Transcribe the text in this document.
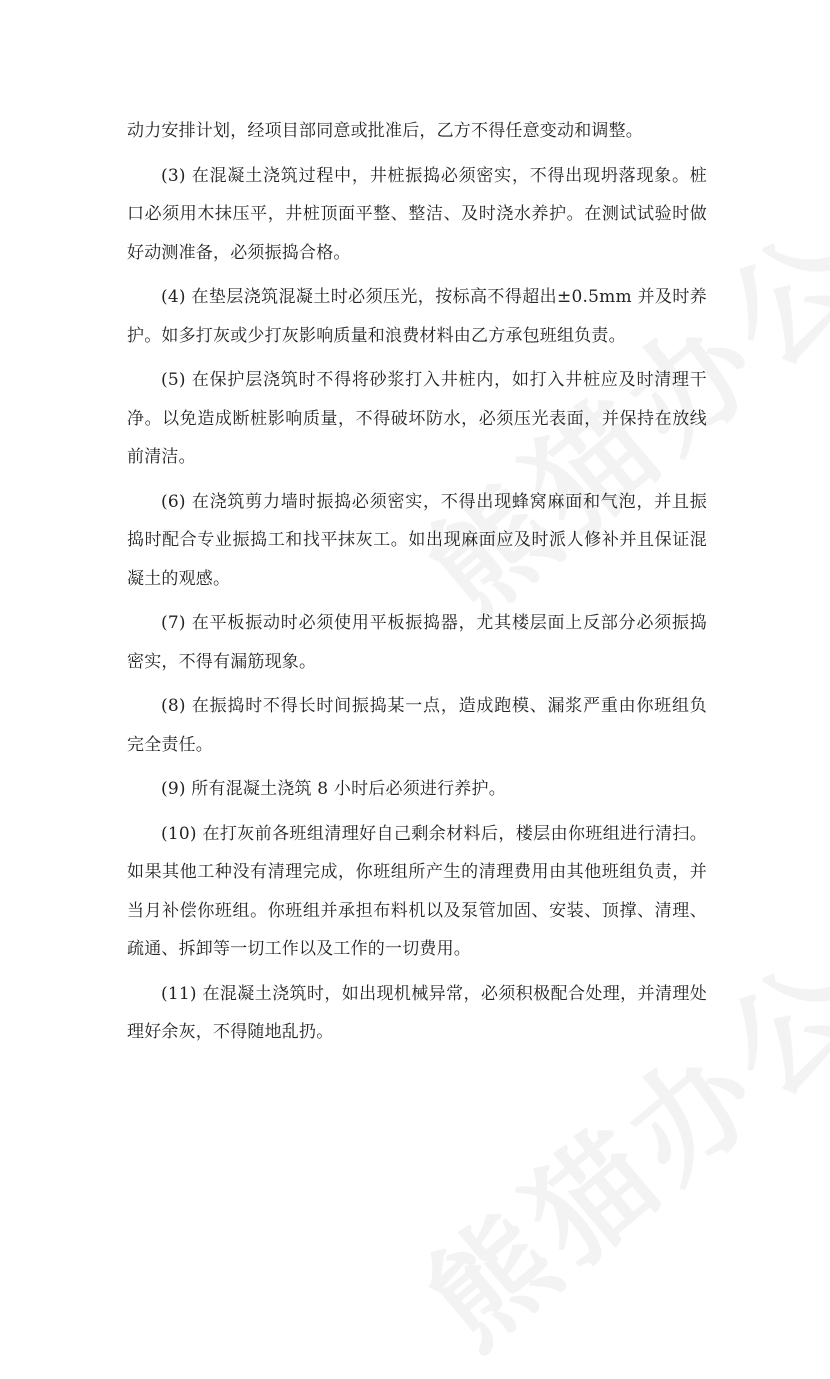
动力安排计划，经项目部同意或批准后，乙方不得任意变动和调整。

(3) 在混凝土浇筑过程中，井桩振捣必须密实，不得出现坍落现象。桩口必须用木抹压平，井桩顶面平整、整洁、及时浇水养护。在测试试验时做好动测准备，必须振捣合格。

(4) 在垫层浇筑混凝土时必须压光，按标高不得超出±0.5mm 并及时养护。如多打灰或少打灰影响质量和浪费材料由乙方承包班组负责。

(5) 在保护层浇筑时不得将砂浆打入井桩内，如打入井桩应及时清理干净。以免造成断桩影响质量，不得破坏防水，必须压光表面，并保持在放线前清洁。

(6) 在浇筑剪力墙时振捣必须密实，不得出现蜂窝麻面和气泡，并且振捣时配合专业振捣工和找平抹灰工。如出现麻面应及时派人修补并且保证混凝土的观感。

(7) 在平板振动时必须使用平板振捣器，尤其楼层面上反部分必须振捣密实，不得有漏筋现象。

(8) 在振捣时不得长时间振捣某一点，造成跑模、漏浆严重由你班组负完全责任。

(9) 所有混凝土浇筑 8 小时后必须进行养护。

(10) 在打灰前各班组清理好自己剩余材料后，楼层由你班组进行清扫。如果其他工种没有清理完成，你班组所产生的清理费用由其他班组负责，并当月补偿你班组。你班组并承担布料机以及泵管加固、安装、顶撑、清理、疏通、拆卸等一切工作以及工作的一切费用。

(11) 在混凝土浇筑时，如出现机械异常，必须积极配合处理，并清理处理好余灰，不得随地乱扔。
